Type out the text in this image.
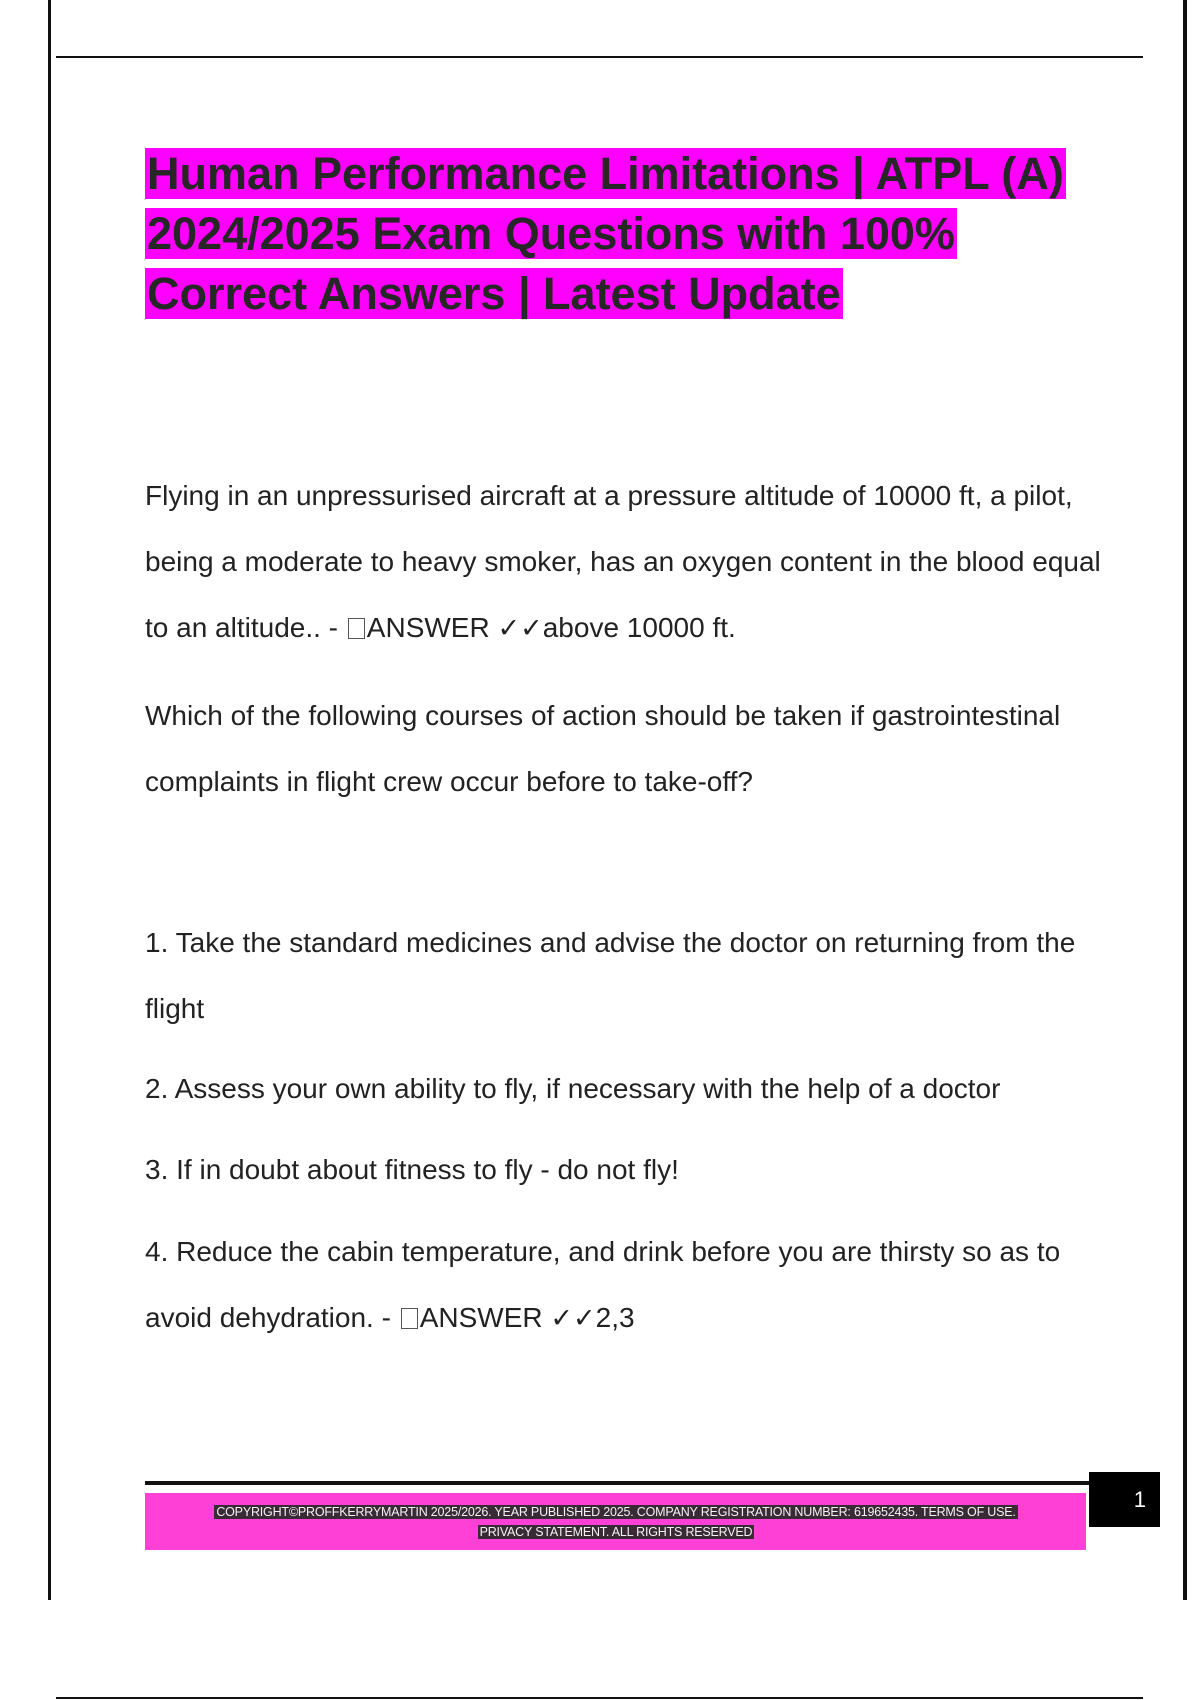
Human Performance Limitations | ATPL (A) 2024/2025 Exam Questions with 100% Correct Answers | Latest Update

Flying in an unpressurised aircraft at a pressure altitude of 10000 ft, a pilot, being a moderate to heavy smoker, has an oxygen content in the blood equal to an altitude.. - ANSWER ✓✓above 10000 ft.

Which of the following courses of action should be taken if gastrointestinal complaints in flight crew occur before to take-off?

1. Take the standard medicines and advise the doctor on returning from the flight

2. Assess your own ability to fly, if necessary with the help of a doctor

3. If in doubt about fitness to fly - do not fly!

4. Reduce the cabin temperature, and drink before you are thirsty so as to avoid dehydration. - ANSWER ✓✓2,3

COPYRIGHT©PROFFKERRYMARTIN 2025/2026. YEAR PUBLISHED 2025. COMPANY REGISTRATION NUMBER: 619652435. TERMS OF USE.
PRIVACY STATEMENT. ALL RIGHTS RESERVED
1
